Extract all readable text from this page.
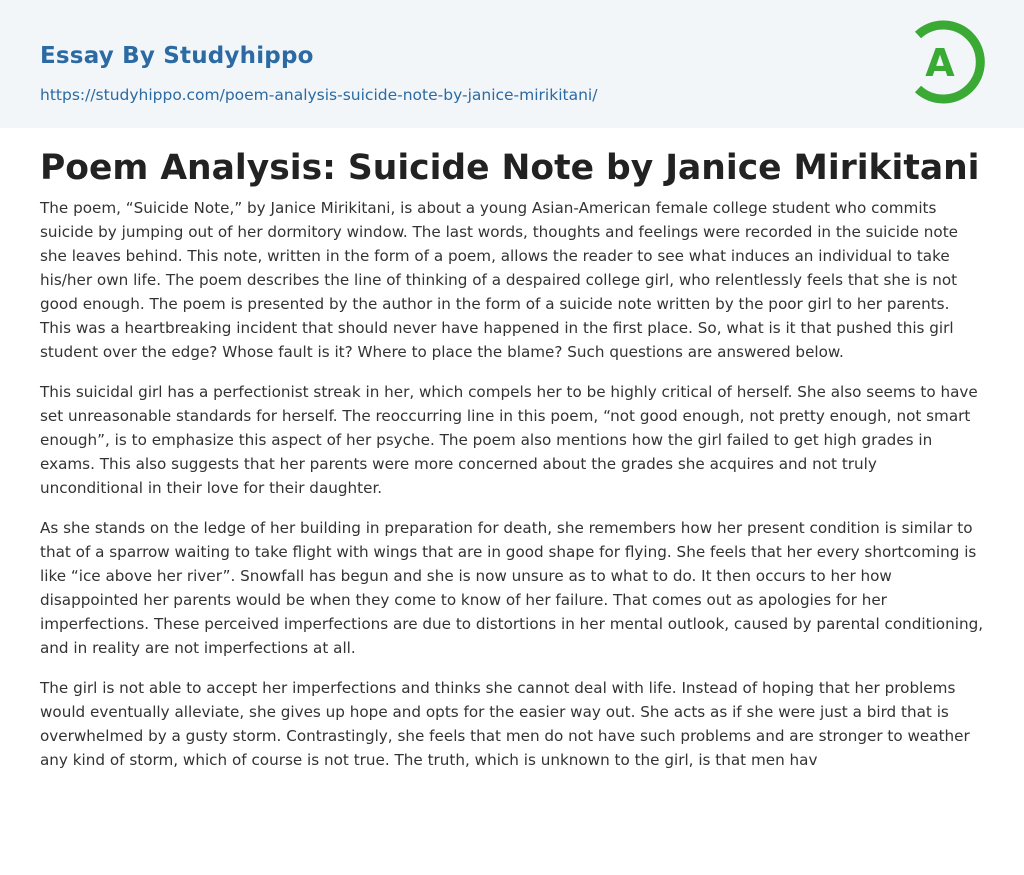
Essay By Studyhippo
https://studyhippo.com/poem-analysis-suicide-note-by-janice-mirikitani/
A
Poem Analysis: Suicide Note by Janice Mirikitani

The poem, “Suicide Note,” by Janice Mirikitani, is about a young Asian-American female college student who commits suicide by jumping out of her dormitory window. The last words, thoughts and feelings were recorded in the suicide note she leaves behind. This note, written in the form of a poem, allows the reader to see what induces an individual to take his/her own life. The poem describes the line of thinking of a despaired college girl, who relentlessly feels that she is not good enough. The poem is presented by the author in the form of a suicide note written by the poor girl to her parents. This was a heartbreaking incident that should never have happened in the first place. So, what is it that pushed this girl student over the edge? Whose fault is it? Where to place the blame? Such questions are answered below.

This suicidal girl has a perfectionist streak in her, which compels her to be highly critical of herself. She also seems to have set unreasonable standards for herself. The reoccurring line in this poem, “not good enough, not pretty enough, not smart enough”, is to emphasize this aspect of her psyche. The poem also mentions how the girl failed to get high grades in exams. This also suggests that her parents were more concerned about the grades she acquires and not truly unconditional in their love for their daughter.

As she stands on the ledge of her building in preparation for death, she remembers how her present condition is similar to that of a sparrow waiting to take flight with wings that are in good shape for flying. She feels that her every shortcoming is like “ice above her river”. Snowfall has begun and she is now unsure as to what to do. It then occurs to her how disappointed her parents would be when they come to know of her failure. That comes out as apologies for her imperfections. These perceived imperfections are due to distortions in her mental outlook, caused by parental conditioning, and in reality are not imperfections at all.

The girl is not able to accept her imperfections and thinks she cannot deal with life. Instead of hoping that her problems would eventually alleviate, she gives up hope and opts for the easier way out. She acts as if she were just a bird that is overwhelmed by a gusty storm. Contrastingly, she feels that men do not have such problems and are stronger to weather any kind of storm, which of course is not true. The truth, which is unknown to the girl, is that men hav
